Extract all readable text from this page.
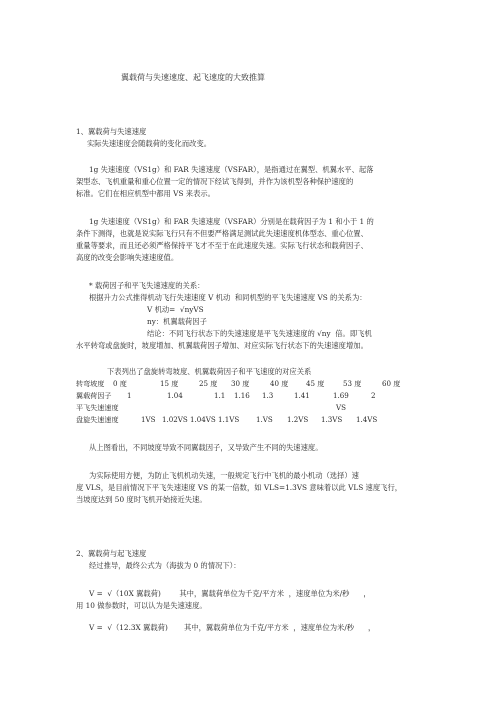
翼载荷与失速速度、起飞速度的大致推算
1、翼载荷与失速速度
实际失速速度会随载荷的变化而改变。
1g 失速速度（VS1g）和 FAR 失速速度（VSFAR），是指通过在翼型、机翼水平、起落
架型态、飞机重量和重心位置一定的情况下经试飞得到，并作为该机型各种保护速度的
标准。它们在相应机型中都用 VS 来表示。
1g 失速速度（VS1g）和 FAR 失速速度（VSFAR）分别是在载荷因子为 1 和小于 1 的
条件下测得，也就是说实际飞行只有不但要严格满足测试此失速速度机体型态、重心位置、
重量等要求，而且还必须严格保持平飞才不至于在此速度失速。实际飞行状态和载荷因子、
高度的改变会影响失速速度值。
* 载荷因子和平飞失速速度的关系：
根据升力公式推得机动飞行失速速度 V 机动  和同机型的平飞失速速度 VS 的关系为：
V 机动=  √nyVS
ny：机翼载荷因子
结论：不同飞行状态下的失速速度是平飞失速速度的 √ny  倍。即飞机
水平转弯或盘旋时，坡度增加、机翼载荷因子增加、对应实际飞行状态下的失速速度增加。
下表列出了盘旋转弯坡度、机翼载荷因子和平飞速度的对应关系
转弯坡度 0 度	15 度	25 度 30 度	40 度 45 度	53 度	60 度
翼载荷因子 1	1.04	1.1 1.16 1.3	1.41	1.69	2
平飞失速速度	VS
盘旋失速速度	1VS 1.02VS 1.04VS 1.1VS 1.VS 1.2VS 1.3VS 1.4VS
从上图看出，不同坡度导致不同翼载因子，又导致产生不同的失速速度。
为实际使用方便，为防止飞机机动失速，一般规定飞行中飞机的最小机动（选择）速
度 VLS，是目前情况下平飞失速速度 VS 的某一倍数，如 VLS=1.3VS 意味着以此 VLS 速度飞行，
当坡度达到 50 度时飞机开始接近失速。
2、翼载荷与起飞速度
经过推导，最终公式为（海拔为 0 的情况下）：
V =  √（10X 翼载荷)        其中，翼载荷单位为千克/平方米  ，速度单位为米/秒      ，
用 10 做参数时，可以认为是失速速度。
V =  √（12.3X 翼载荷)       其中，翼载荷单位为千克/平方米  ，速度单位为米/秒      ，
